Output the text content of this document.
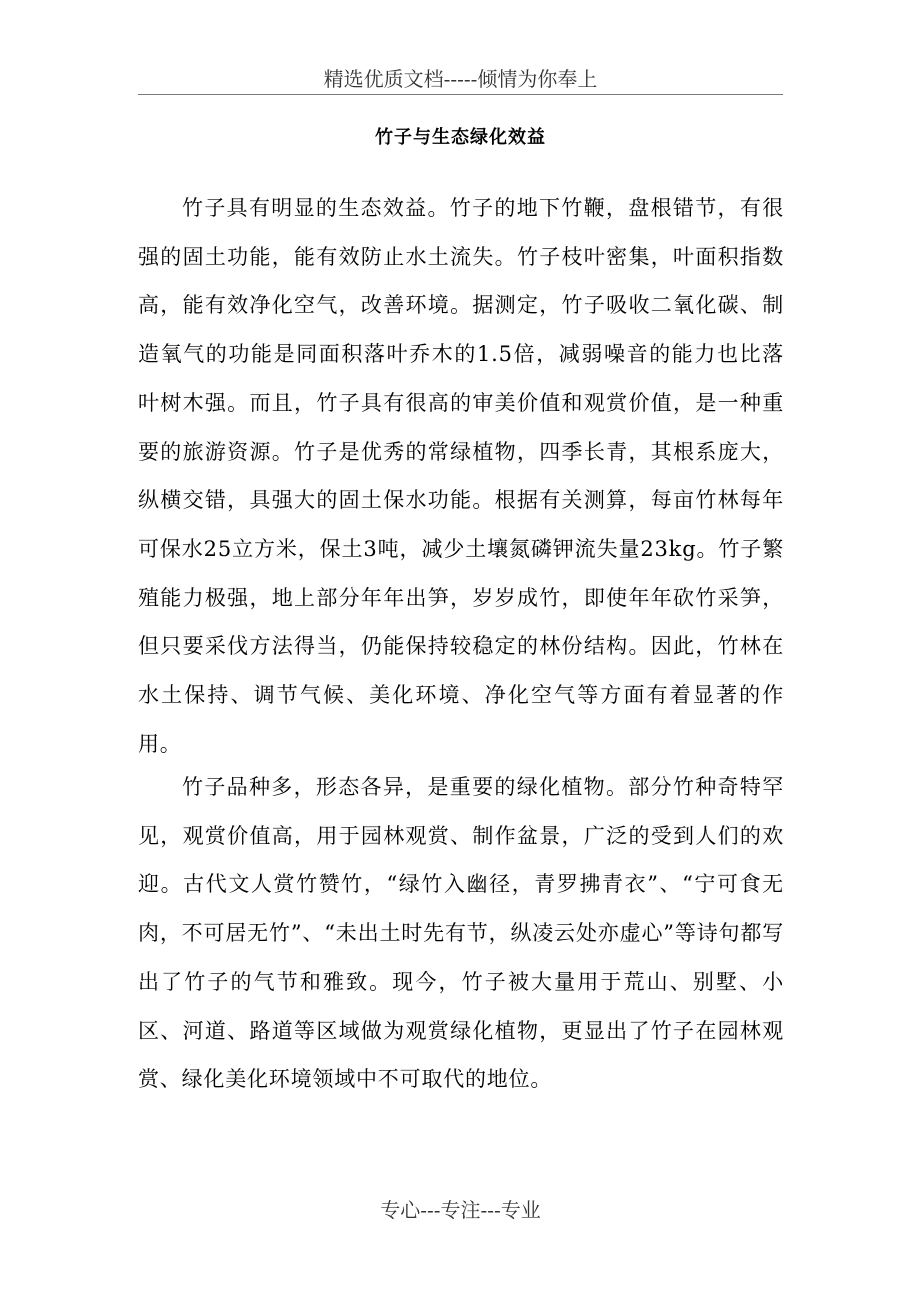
精选优质文档-----倾情为你奉上
竹子与生态绿化效益

竹子具有明显的生态效益。竹子的地下竹鞭，盘根错节，有很强的固土功能，能有效防止水土流失。竹子枝叶密集，叶面积指数高，能有效净化空气，改善环境。据测定，竹子吸收二氧化碳、制造氧气的功能是同面积落叶乔木的1.5倍，减弱噪音的能力也比落叶树木强。而且，竹子具有很高的审美价值和观赏价值，是一种重要的旅游资源。竹子是优秀的常绿植物，四季长青，其根系庞大，纵横交错，具强大的固土保水功能。根据有关测算，每亩竹林每年可保水25立方米，保土3吨，减少土壤氮磷钾流失量23kg。竹子繁殖能力极强，地上部分年年出笋，岁岁成竹，即使年年砍竹采笋，但只要采伐方法得当，仍能保持较稳定的林份结构。因此，竹林在水土保持、调节气候、美化环境、净化空气等方面有着显著的作用。

竹子品种多，形态各异，是重要的绿化植物。部分竹种奇特罕见，观赏价值高，用于园林观赏、制作盆景，广泛的受到人们的欢迎。古代文人赏竹赞竹，“绿竹入幽径，青罗拂青衣”、“宁可食无肉，不可居无竹”、“未出土时先有节，纵凌云处亦虚心”等诗句都写出了竹子的气节和雅致。现今，竹子被大量用于荒山、别墅、小区、河道、路道等区域做为观赏绿化植物，更显出了竹子在园林观赏、绿化美化环境领域中不可取代的地位。

专心---专注---专业
